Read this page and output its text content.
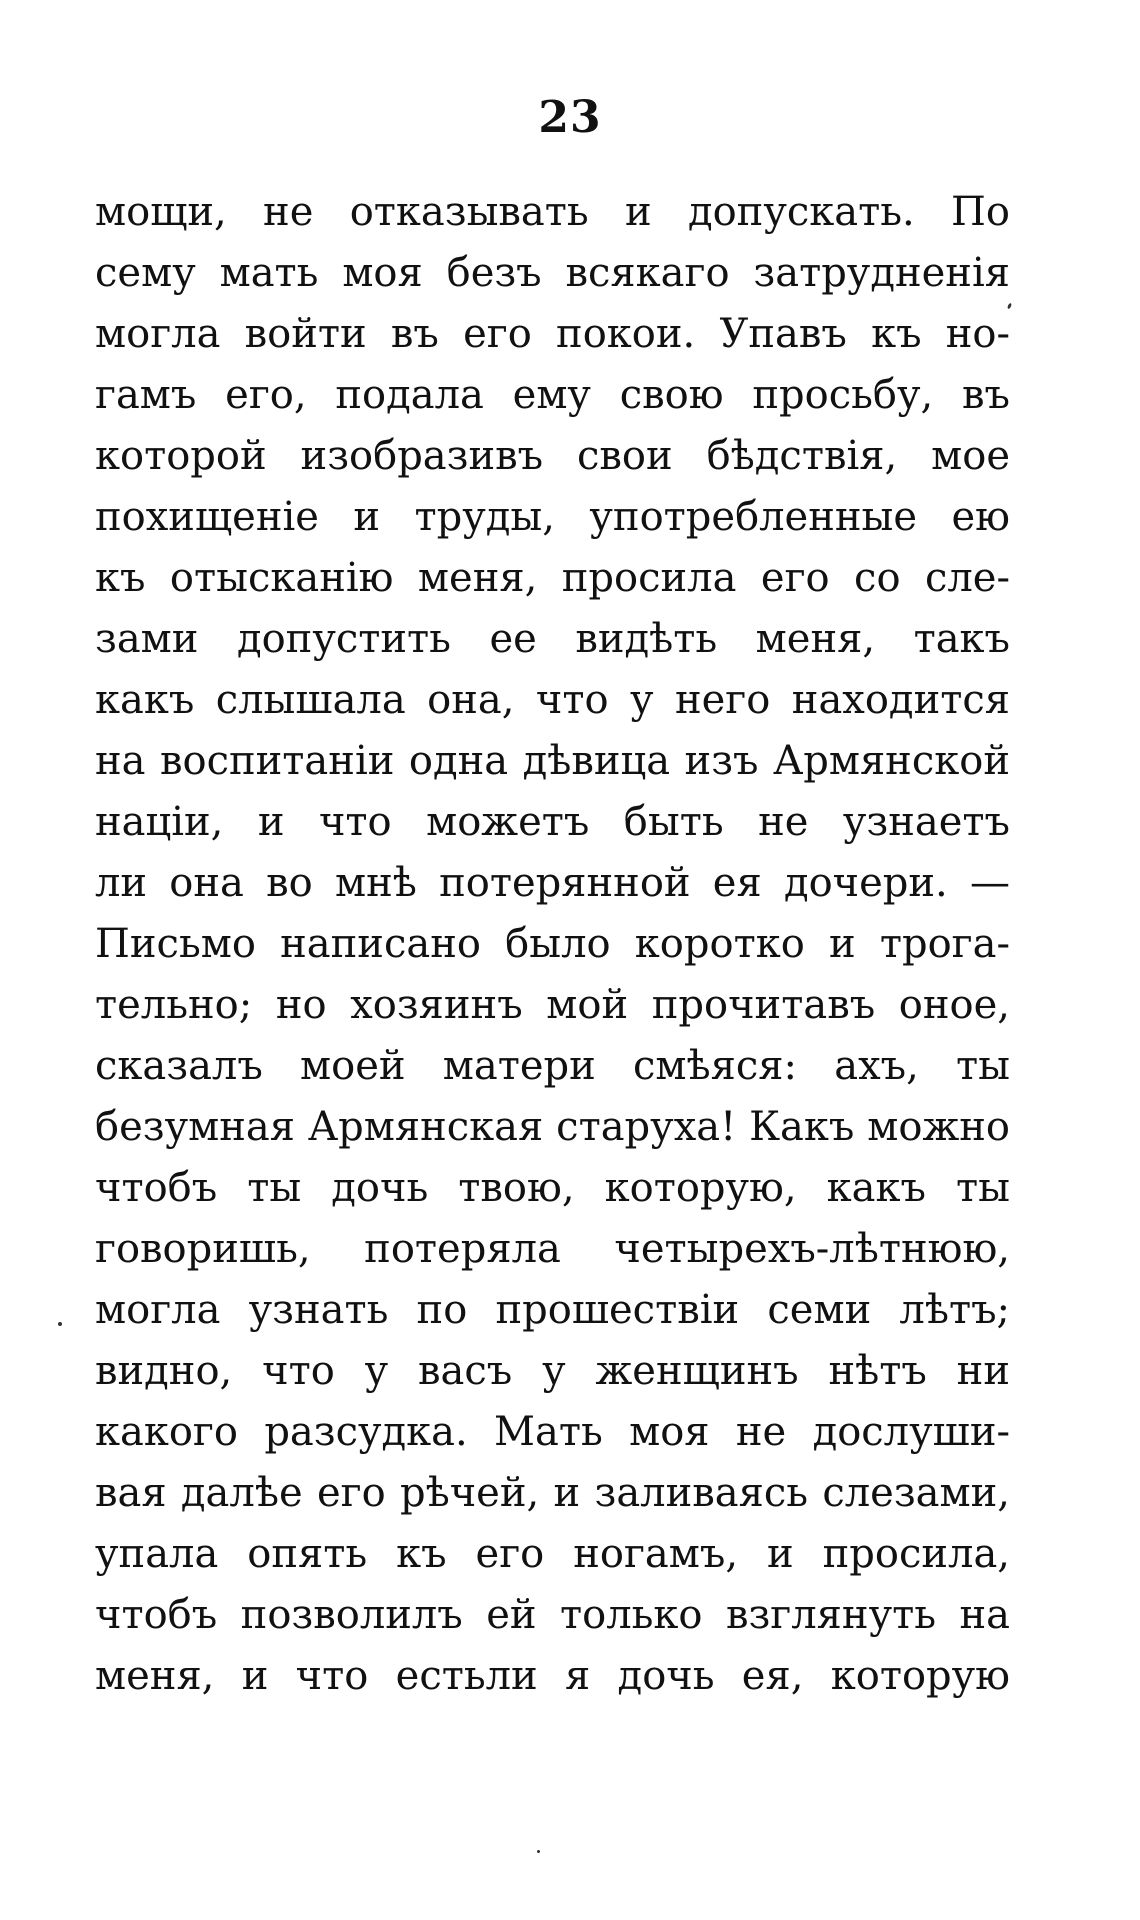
23
мощи, не отказывать и допускать. По
сему мать моя безъ всякаго затрудненія
могла войти въ его покои. Упавъ къ но-
гамъ его, подала ему свою просьбу, въ
которой изобразивъ свои бѣдствія, мое
похищеніе и труды, употребленные ею
къ отысканію меня, просила его со сле-
зами допустить ее видѣть меня, такъ
какъ слышала она, что у него находится
на воспитаніи одна дѣвица изъ Армянской
націи, и что можетъ быть не узнаетъ
ли она во мнѣ потерянной ея дочери. —
Письмо написано было коротко и трога-
тельно; но хозяинъ мой прочитавъ оное,
сказалъ моей матери смѣяся: ахъ, ты
безумная Армянская старуха! Какъ можно
чтобъ ты дочь твою, которую, какъ ты
говоришь, потеряла четырехъ-лѣтнюю,
могла узнать по прошествіи семи лѣтъ;
видно, что у васъ у женщинъ нѣтъ ни
какого разсудка. Мать моя не дослуши-
вая далѣе его рѣчей, и заливаясь слезами,
упала опять къ его ногамъ, и просила,
чтобъ позволилъ ей только взглянуть на
меня, и что естьли я дочь ея, которую
